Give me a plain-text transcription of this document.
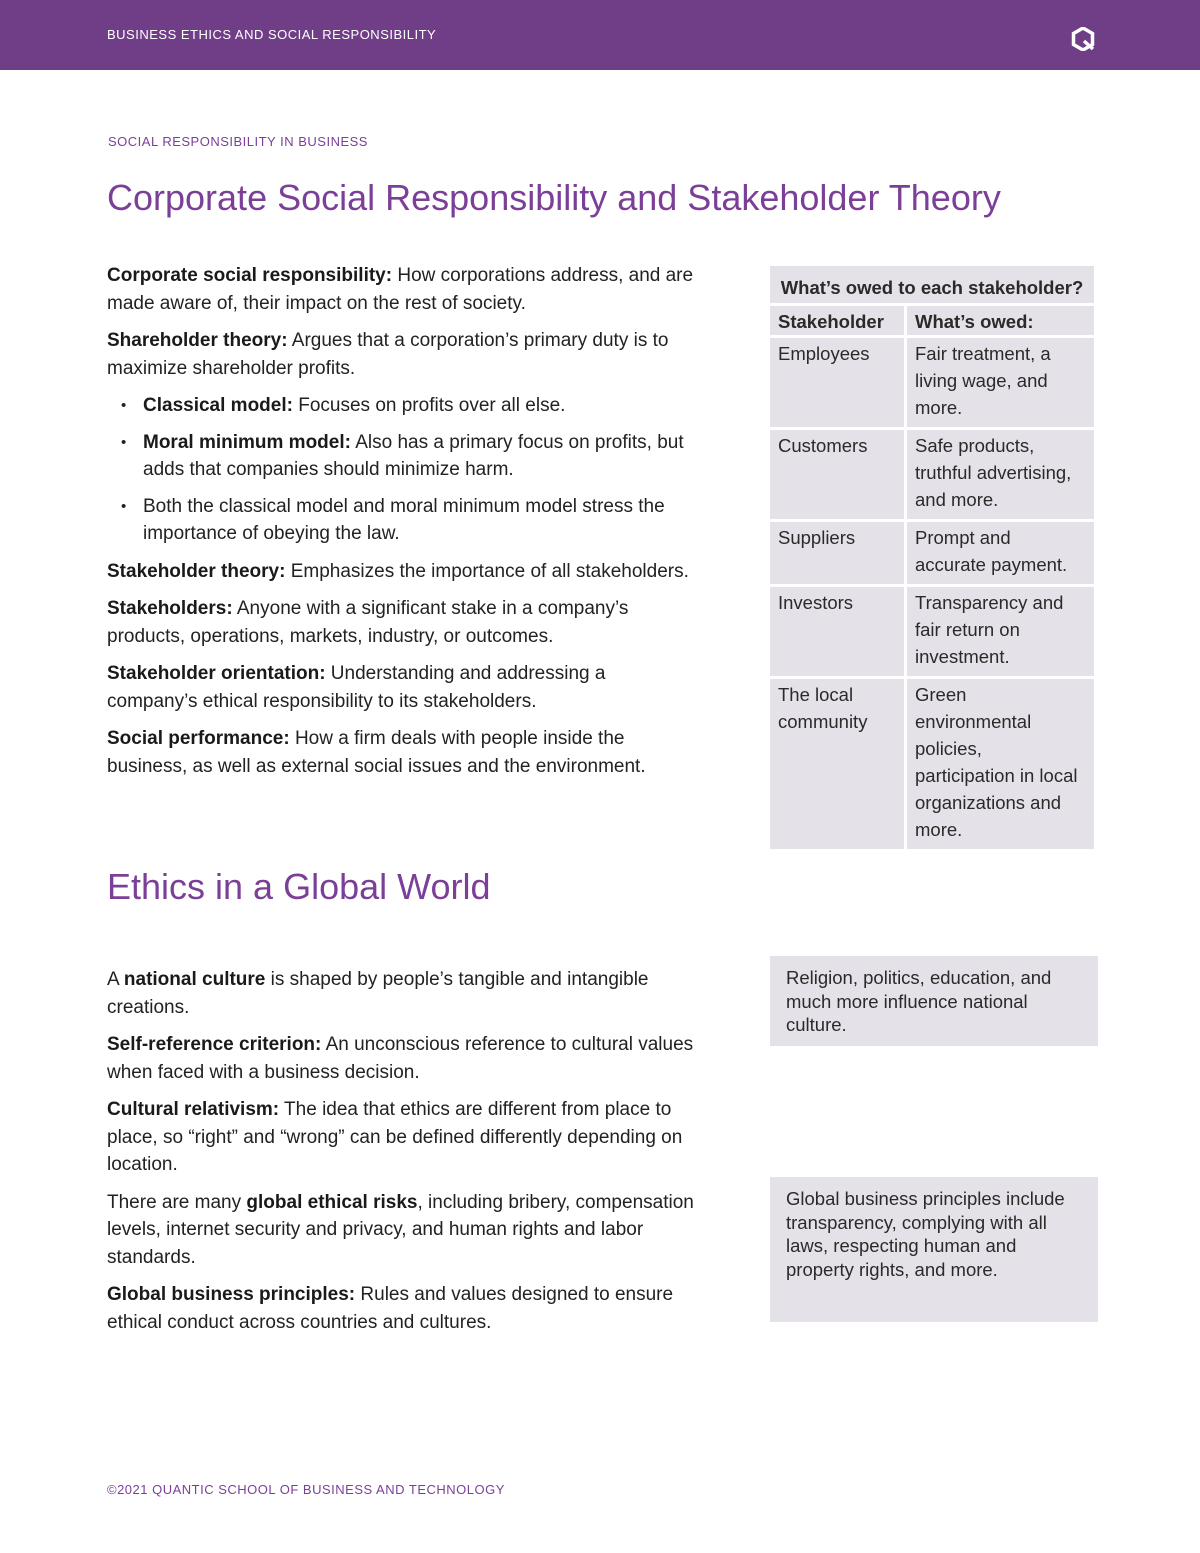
BUSINESS ETHICS AND SOCIAL RESPONSIBILITY
SOCIAL RESPONSIBILITY IN BUSINESS
Corporate Social Responsibility and Stakeholder Theory

Corporate social responsibility: How corporations address, and are made aware of, their impact on the rest of society.

Shareholder theory: Argues that a corporation’s primary duty is to maximize shareholder profits.

• Classical model: Focuses on profits over all else.
• Moral minimum model: Also has a primary focus on profits, but adds that companies should minimize harm.
• Both the classical model and moral minimum model stress the importance of obeying the law.

Stakeholder theory: Emphasizes the importance of all stakeholders.

Stakeholders: Anyone with a significant stake in a company’s products, operations, markets, industry, or outcomes.

Stakeholder orientation: Understanding and addressing a company’s ethical responsibility to its stakeholders.

Social performance: How a firm deals with people inside the business, as well as external social issues and the environment.

What’s owed to each stakeholder?	
Stakeholder	What’s owed:
Employees	Fair treatment, a living wage, and more.
Customers	Safe products, truthful advertising, and more.
Suppliers	Prompt and accurate payment.
Investors	Transparency and fair return on investment.
The local community	Green environmental policies, participation in local organizations and more.
Ethics in a Global World

A national culture is shaped by people’s tangible and intangible creations.

Self-reference criterion: An unconscious reference to cultural values when faced with a business decision.

Cultural relativism: The idea that ethics are different from place to place, so “right” and “wrong” can be defined differently depending on location.

There are many global ethical risks, including bribery, compensation levels, internet security and privacy, and human rights and labor standards.

Global business principles: Rules and values designed to ensure ethical conduct across countries and cultures.

Religion, politics, education, and much more influence national culture.
Global business principles include transparency, complying with all laws, respecting human and property rights, and more.
©2021 QUANTIC SCHOOL OF BUSINESS AND TECHNOLOGY
